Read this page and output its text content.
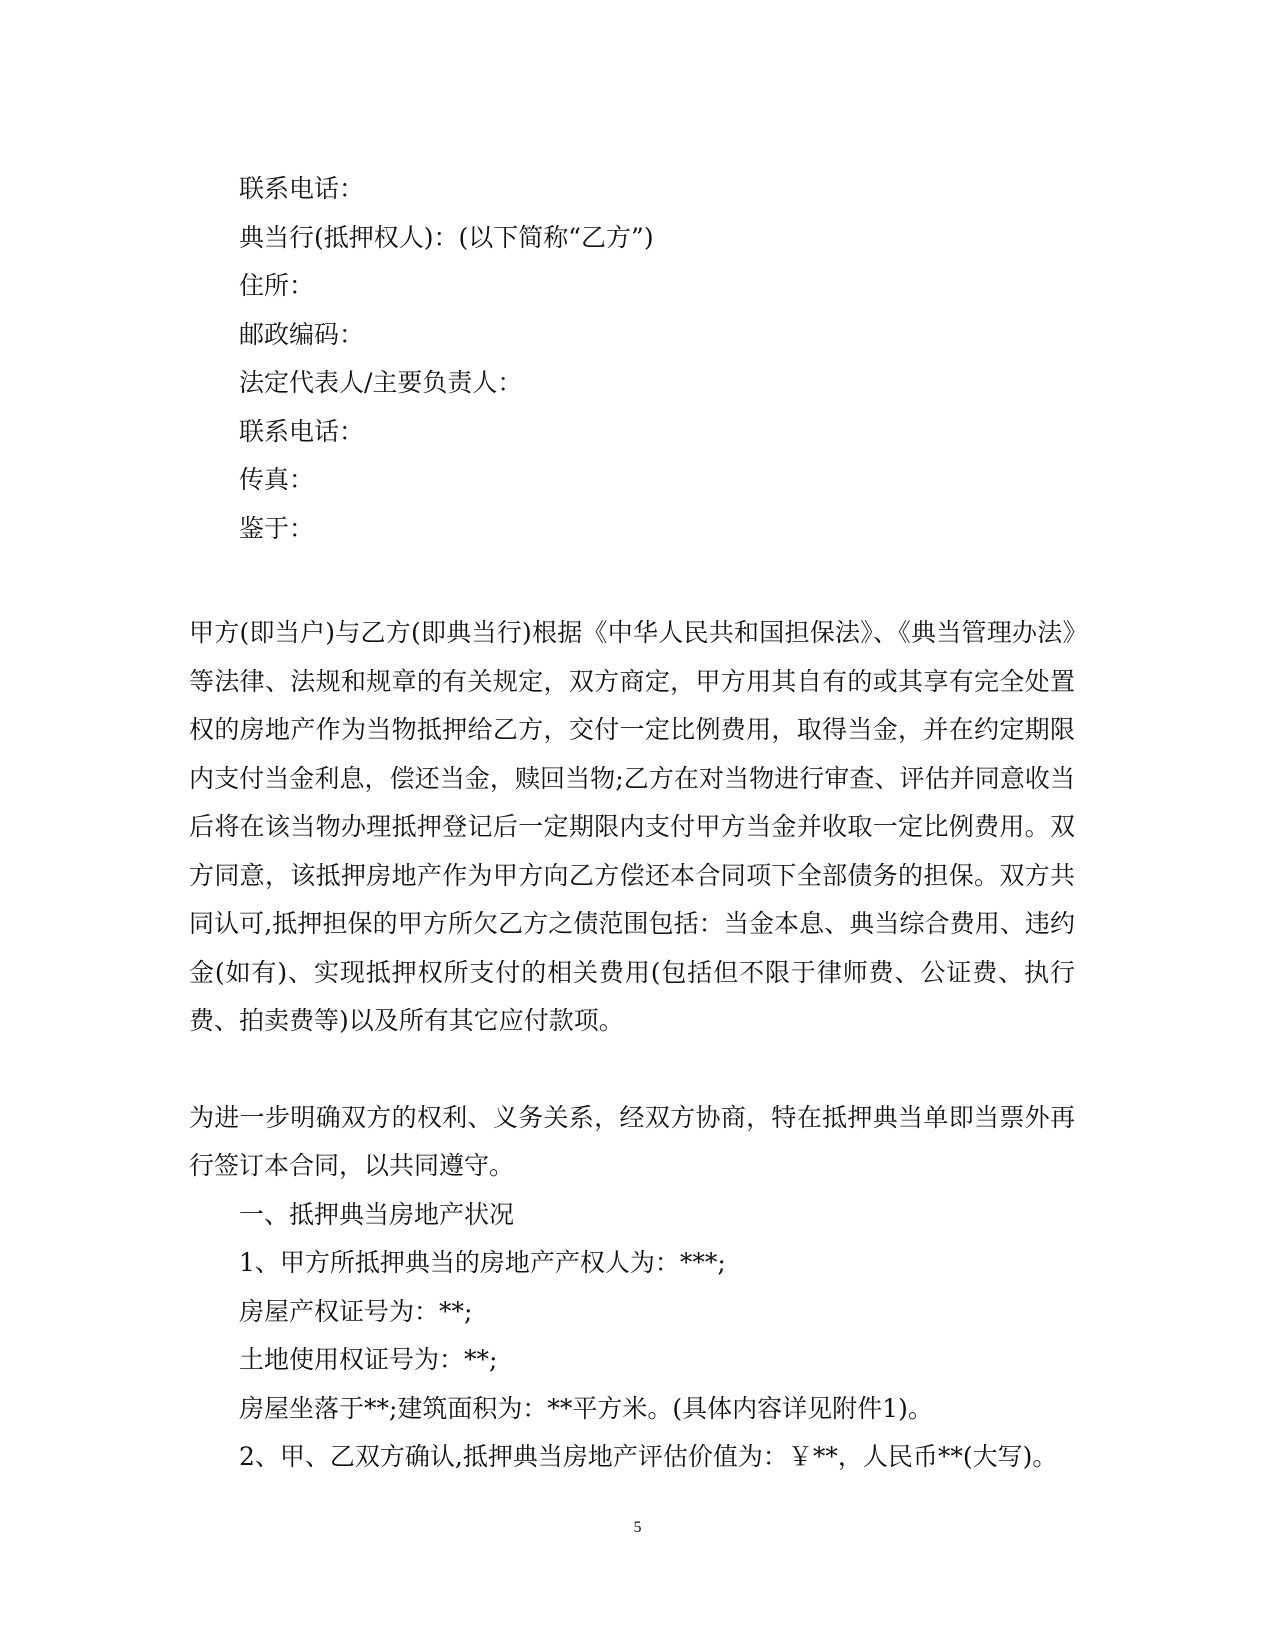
联系电话：

典当行(抵押权人)：(以下简称“乙方”)

住所：

邮政编码：

法定代表人/主要负责人：

联系电话：

传真：

鉴于：

甲方(即当户)与乙方(即典当行)根据《中华人民共和国担保法》、《典当管理办法》等法律、法规和规章的有关规定，双方商定，甲方用其自有的或其享有完全处置权的房地产作为当物抵押给乙方，交付一定比例费用，取得当金，并在约定期限内支付当金利息，偿还当金，赎回当物;乙方在对当物进行审查、评估并同意收当后将在该当物办理抵押登记后一定期限内支付甲方当金并收取一定比例费用。双方同意，该抵押房地产作为甲方向乙方偿还本合同项下全部债务的担保。双方共同认可,抵押担保的甲方所欠乙方之债范围包括：当金本息、典当综合费用、违约金(如有)、实现抵押权所支付的相关费用(包括但不限于律师费、公证费、执行费、拍卖费等)以及所有其它应付款项。

为进一步明确双方的权利、义务关系，经双方协商，特在抵押典当单即当票外再行签订本合同，以共同遵守。

一、抵押典当房地产状况

1、甲方所抵押典当的房地产产权人为：***;

房屋产权证号为：**;

土地使用权证号为：**;

房屋坐落于**;建筑面积为：**平方米。(具体内容详见附件1)。

2、甲、乙双方确认,抵押典当房地产评估价值为：￥**，人民币**(大写)。

5
